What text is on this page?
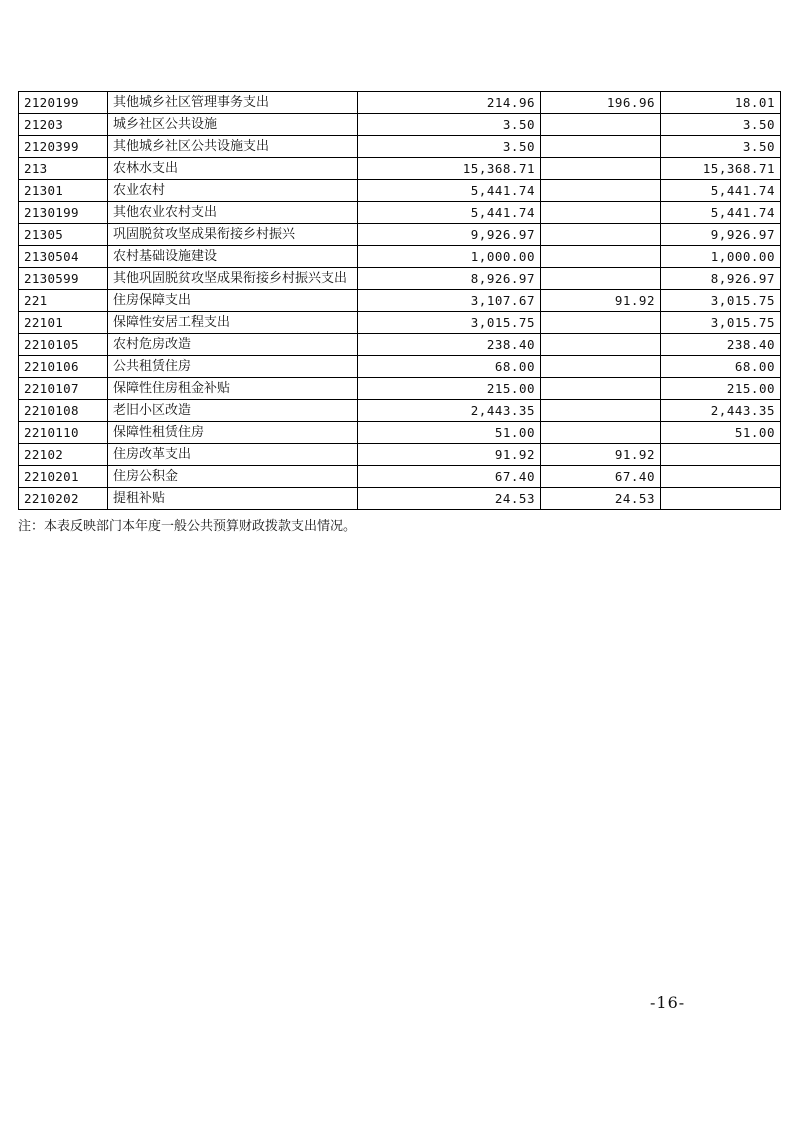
2120199	其他城乡社区管理事务支出	214.96	196.96	18.01
21203	城乡社区公共设施	3.50		3.50
2120399	其他城乡社区公共设施支出	3.50		3.50
213	农林水支出	15,368.71		15,368.71
21301	农业农村	5,441.74		5,441.74
2130199	其他农业农村支出	5,441.74		5,441.74
21305	巩固脱贫攻坚成果衔接乡村振兴	9,926.97		9,926.97
2130504	农村基础设施建设	1,000.00		1,000.00
2130599	其他巩固脱贫攻坚成果衔接乡村振兴支出	8,926.97		8,926.97
221	住房保障支出	3,107.67	91.92	3,015.75
22101	保障性安居工程支出	3,015.75		3,015.75
2210105	农村危房改造	238.40		238.40
2210106	公共租赁住房	68.00		68.00
2210107	保障性住房租金补贴	215.00		215.00
2210108	老旧小区改造	2,443.35		2,443.35
2210110	保障性租赁住房	51.00		51.00
22102	住房改革支出	91.92	91.92	
2210201	住房公积金	67.40	67.40	
2210202	提租补贴	24.53	24.53	
注：本表反映部门本年度一般公共预算财政拨款支出情况。
-16-
